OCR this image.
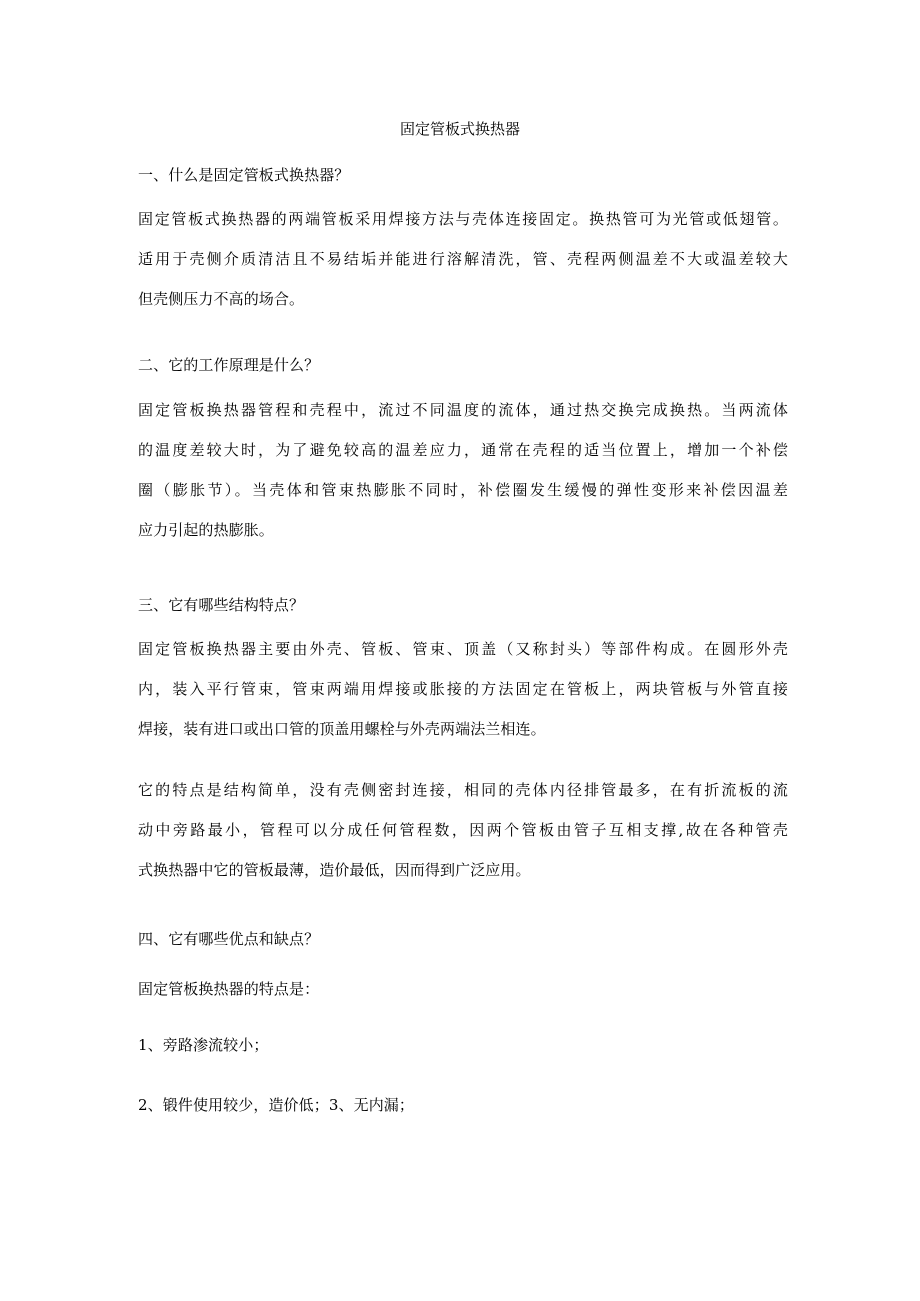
固定管板式换热器
一、什么是固定管板式换热器？
固定管板式换热器的两端管板采用焊接方法与壳体连接固定。换热管可为光管或低翅管。
适用于壳侧介质清洁且不易结垢并能进行溶解清洗，管、壳程两侧温差不大或温差较大
但壳侧压力不高的场合。
二、它的工作原理是什么？
固定管板换热器管程和壳程中，流过不同温度的流体，通过热交换完成换热。当两流体
的温度差较大时，为了避免较高的温差应力，通常在壳程的适当位置上，增加一个补偿
圈（膨胀节）。当壳体和管束热膨胀不同时，补偿圈发生缓慢的弹性变形来补偿因温差
应力引起的热膨胀。
三、它有哪些结构特点？
固定管板换热器主要由外壳、管板、管束、顶盖（又称封头）等部件构成。在圆形外壳
内，装入平行管束，管束两端用焊接或胀接的方法固定在管板上，两块管板与外管直接
焊接，装有进口或出口管的顶盖用螺栓与外壳两端法兰相连。
它的特点是结构简单，没有壳侧密封连接，相同的壳体内径排管最多，在有折流板的流
动中旁路最小，管程可以分成任何管程数，因两个管板由管子互相支撑,故在各种管壳
式换热器中它的管板最薄，造价最低，因而得到广泛应用。
四、它有哪些优点和缺点？
固定管板换热器的特点是：
1、旁路渗流较小；
2、锻件使用较少，造价低；3、无内漏；
